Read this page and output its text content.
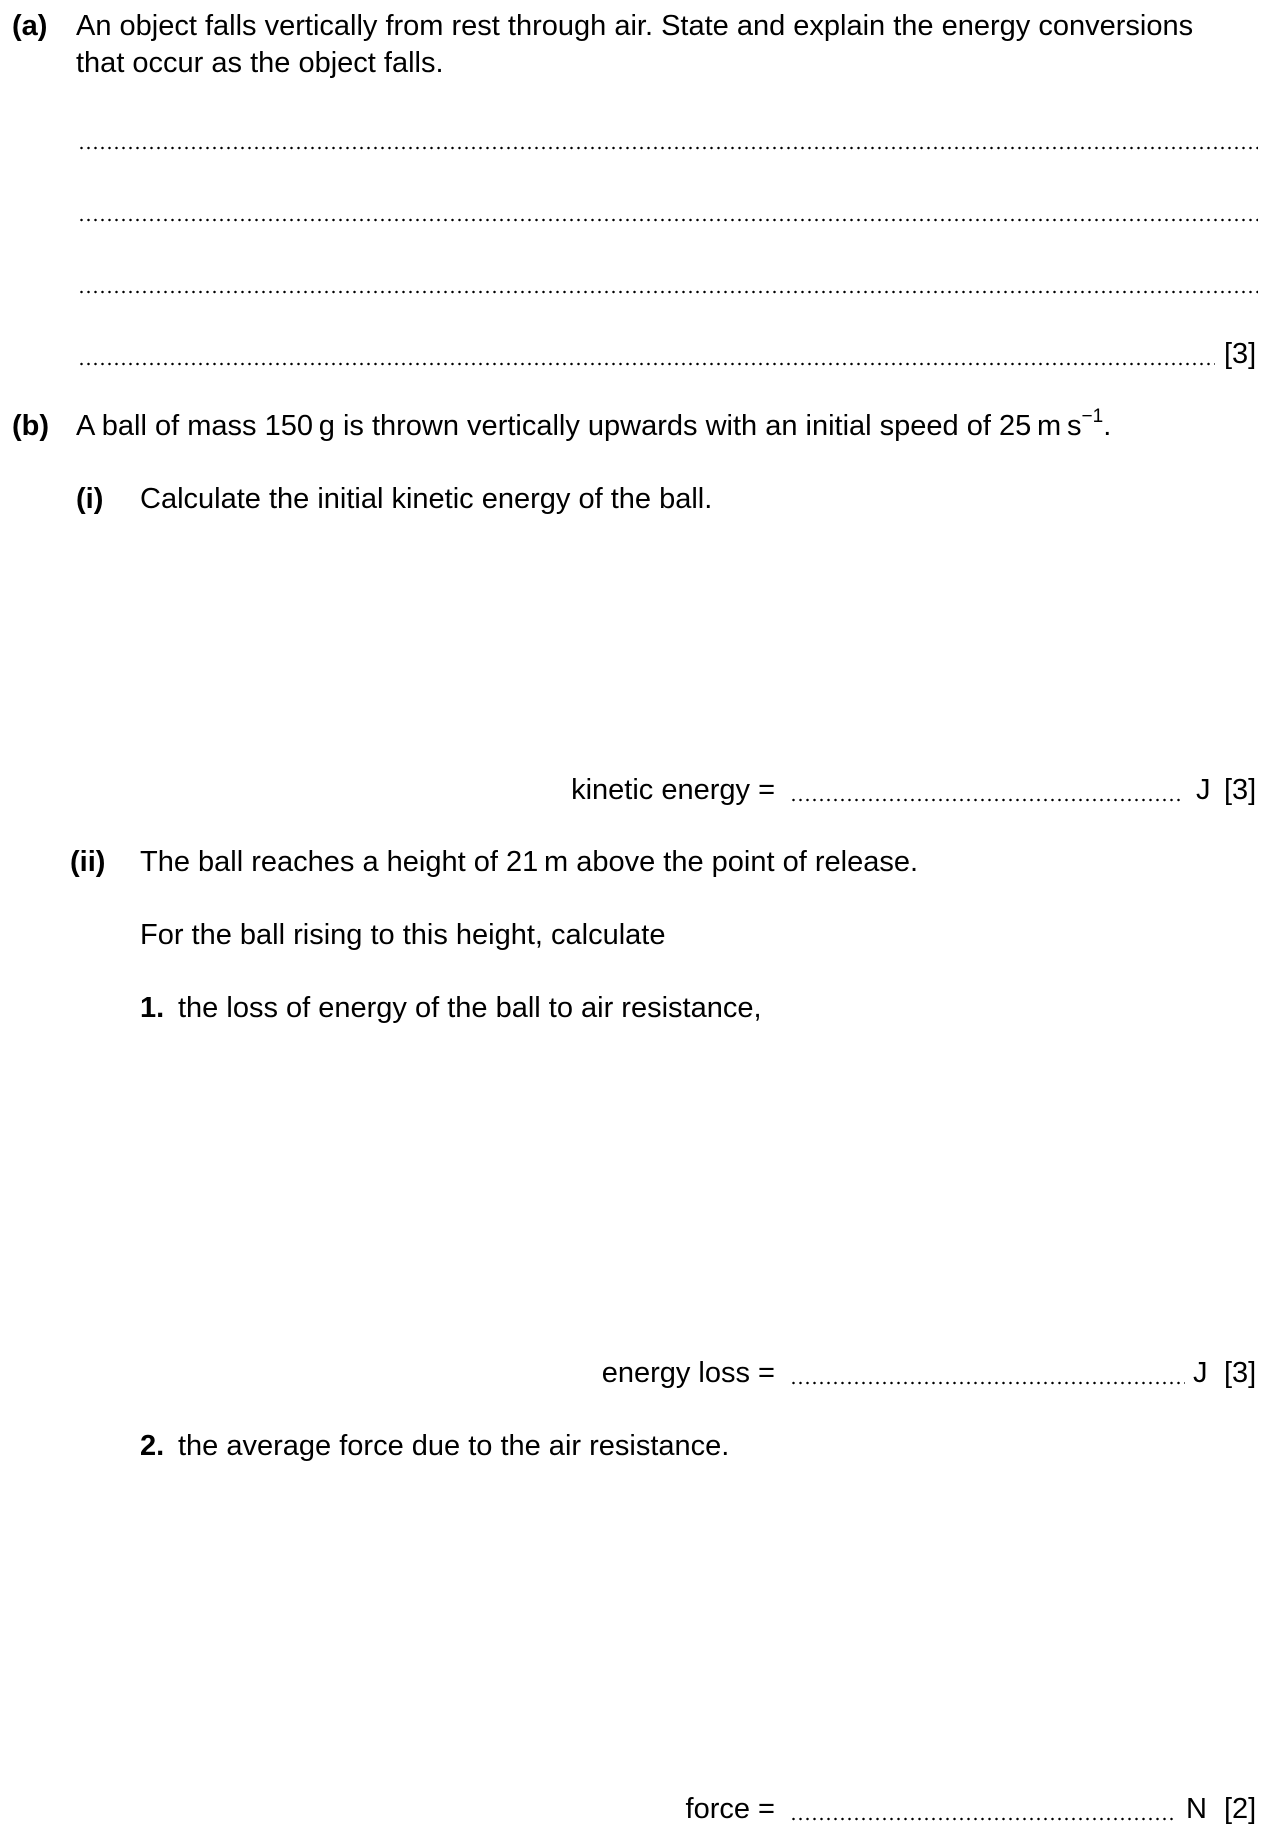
(a) An object falls vertically from rest through air. State and explain the energy conversions
that occur as the object falls.
[3]
(b) A ball of mass 150 g is thrown vertically upwards with an initial speed of 25 m $s^{-1}$.
(i) Calculate the initial kinetic energy of the ball.
kinetic energy =	J [3]
(ii) The ball reaches a height of 21 m above the point of release.
For the ball rising to this height, calculate
1. the loss of energy of the ball to air resistance,
energy loss =	J [3]
2. the average force due to the air resistance.
force =	N [2]
